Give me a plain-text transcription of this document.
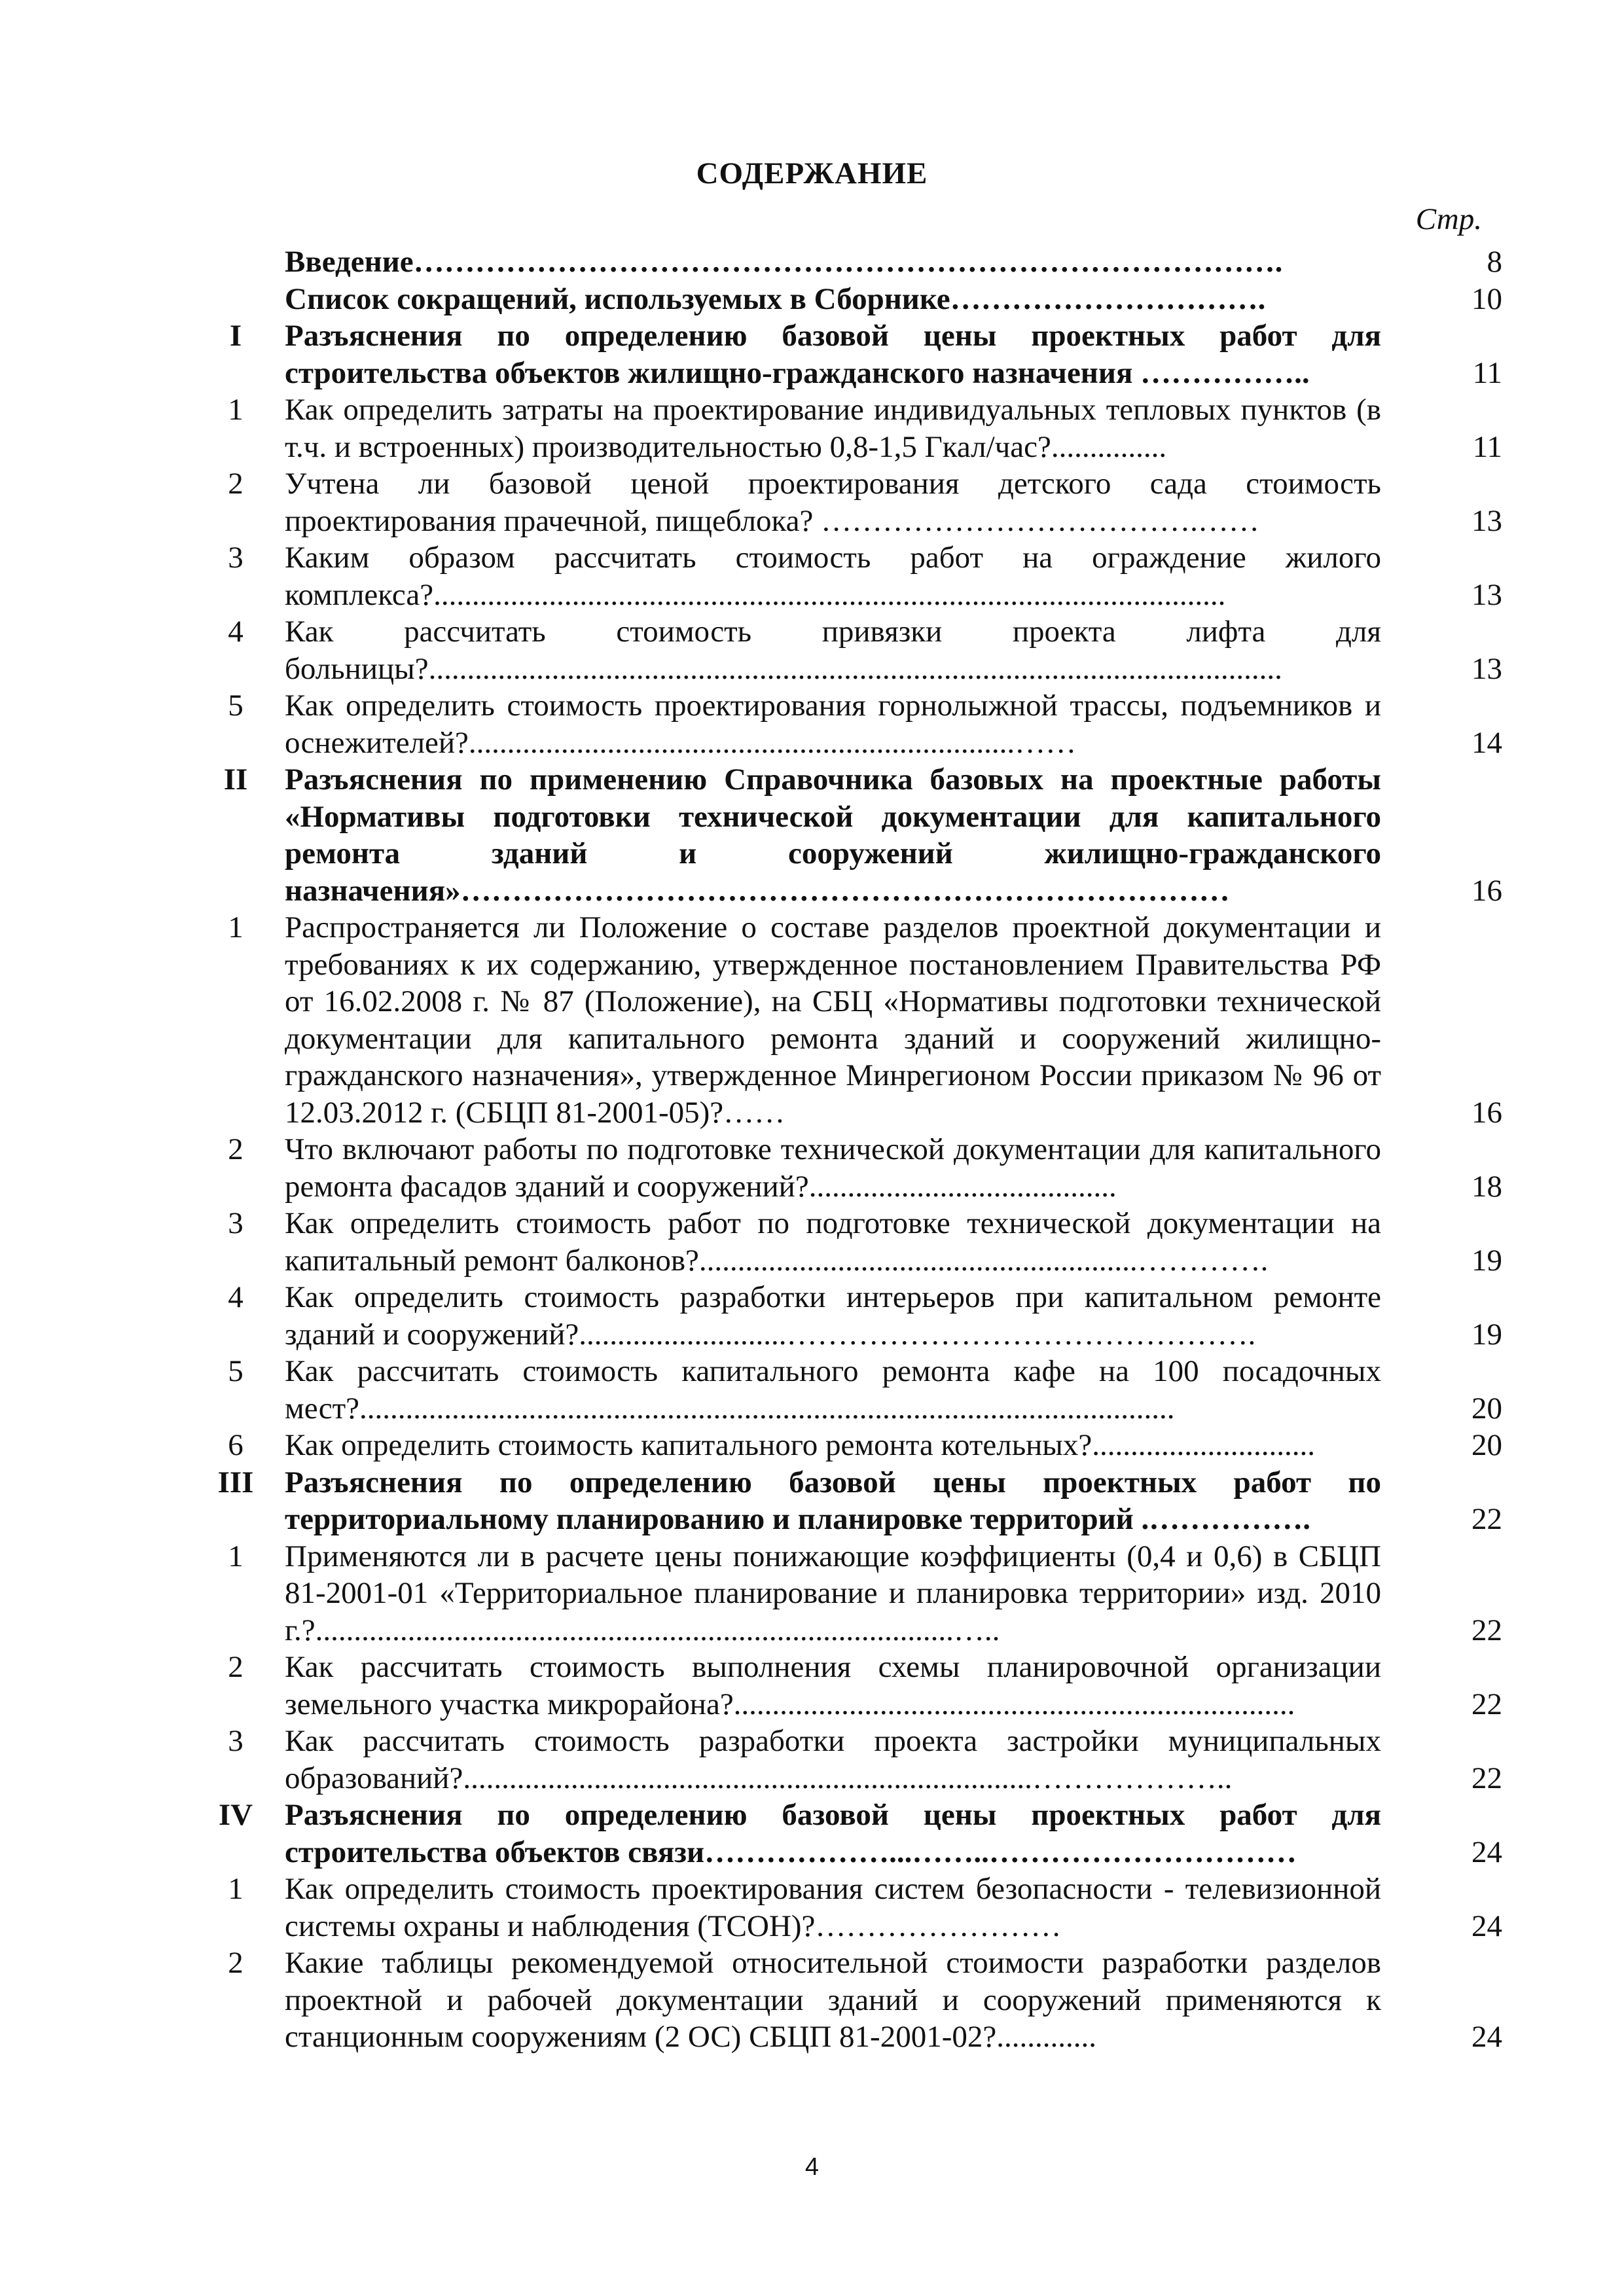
СОДЕРЖАНИЕ
Стр.
Введение………………………………………………………………………….	8
Список сокращений, используемых в Сборнике………………………….	10
I	Разъяснения по определению базовой цены проектных работ для строительства объектов жилищно-гражданского назначения ……………..	11
1	Как определить затраты на проектирование индивидуальных тепловых пунктов (в т.ч. и встроенных) производительностью 0,8-1,5 Гкал/час?...............	11
2	Учтена ли базовой ценой проектирования детского сада стоимость проектирования прачечной, пищеблока? ……………………………….……	13
3	Каким образом рассчитать стоимость работ на ограждение жилого комплекса?.......................................................................................................	13
4	Как рассчитать стоимость привязки проекта лифта для больницы?...............................................................................................................	13
5	Как определить стоимость проектирования горнолыжной трассы, подъемников и оснежителей?.......................................................................……	14
II	Разъяснения по применению Справочника базовых на проектные работы «Нормативы подготовки технической документации для капитального ремонта зданий и сооружений жилищно-гражданского назначения»…………………………………………………………………	16
1	Распространяется ли Положение о составе разделов проектной документации и требованиях к их содержанию, утвержденное постановлением Правительства РФ от 16.02.2008 г. № 87 (Положение), на СБЦ «Нормативы подготовки технической документации для капитального ремонта зданий и сооружений жилищно-гражданского назначения», утвержденное Минрегионом России приказом № 96 от 12.03.2012 г. (СБЦП 81-2001-05)?……	16
2	Что включают работы по подготовке технической документации для капитального ремонта фасадов зданий и сооружений?........................................	18
3	Как определить стоимость работ по подготовке технической документации на капитальный ремонт балконов?.........................................................………….	19
4	Как определить стоимость разработки интерьеров при капитальном ремонте зданий и сооружений?...........................……………………………………….	19
5	Как рассчитать стоимость капитального ремонта кафе на 100 посадочных мест?..........................................................................................................	20
6	Как определить стоимость капитального ремонта котельных?.............................	20
III	Разъяснения по определению базовой цены проектных работ по территориальному планированию и планировке территорий .…………….	22
1	Применяются ли в расчете цены понижающие коэффициенты (0,4 и 0,6) в СБЦП 81-2001-01 «Территориальное планирование и планировка территории» изд. 2010 г.?...................................................................................…..	22
2	Как рассчитать стоимость выполнения схемы планировочной организации земельного участка микрорайона?.........................................................................	22
3	Как рассчитать стоимость разработки проекта застройки муниципальных образований?..........................................................................………………..	22
IV	Разъяснения по определению базовой цены проектных работ для строительства объектов связи………………...……..…………………………	24
1	Как определить стоимость проектирования систем безопасности - телевизионной системы охраны и наблюдения (ТСОН)?……………………	24
2	Какие таблицы рекомендуемой относительной стоимости разработки разделов проектной и рабочей документации зданий и сооружений применяются к станционным сооружениям (2 ОС) СБЦП 81-2001-02?.............	24
4
